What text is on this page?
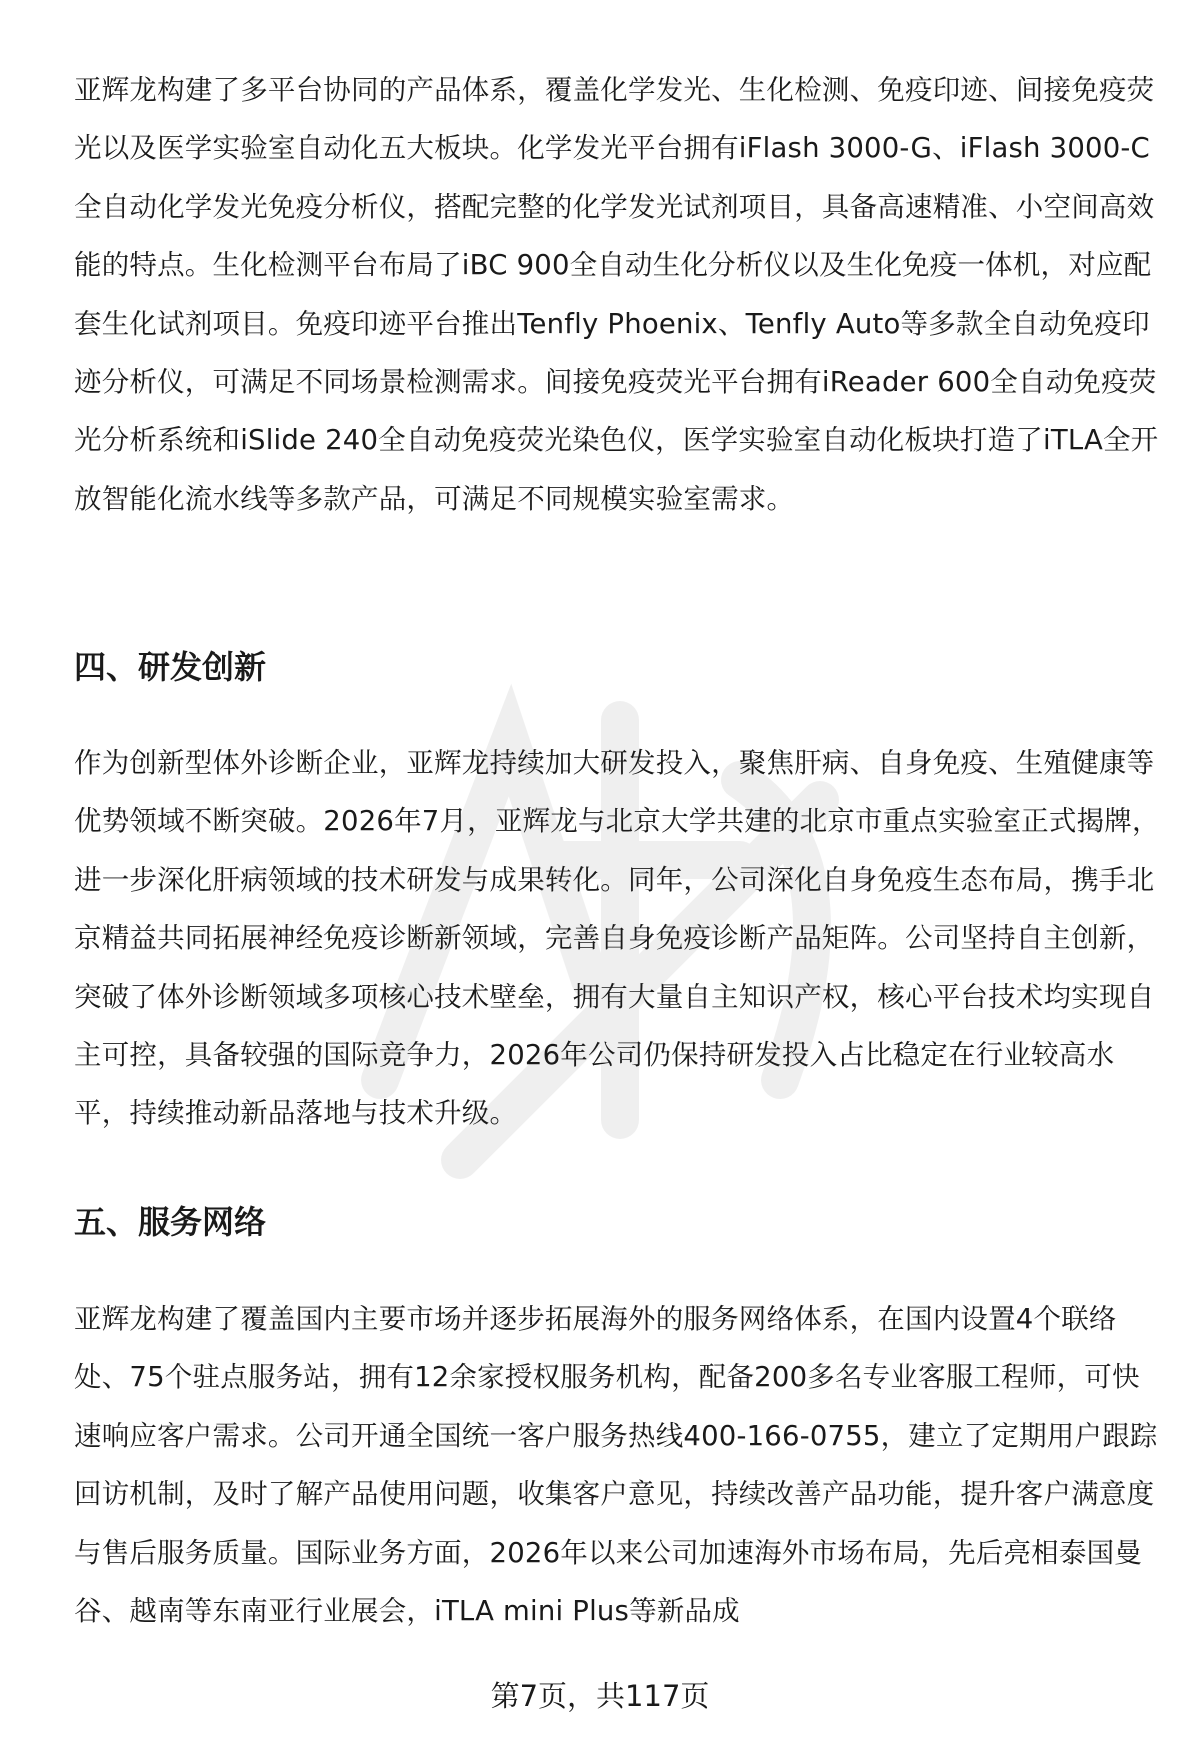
亚辉龙构建了多平台协同的产品体系，覆盖化学发光、生化检测、免疫印迹、间接免疫荧光以及医学实验室自动化五大板块。化学发光平台拥有iFlash 3000-G、iFlash 3000-C全自动化学发光免疫分析仪，搭配完整的化学发光试剂项目，具备高速精准、小空间高效能的特点。生化检测平台布局了iBC 900全自动生化分析仪以及生化免疫一体机，对应配套生化试剂项目。免疫印迹平台推出Tenfly Phoenix、Tenfly Auto等多款全自动免疫印迹分析仪，可满足不同场景检测需求。间接免疫荧光平台拥有iReader 600全自动免疫荧光分析系统和iSlide 240全自动免疫荧光染色仪，医学实验室自动化板块打造了iTLA全开放智能化流水线等多款产品，可满足不同规模实验室需求。

四、研发创新

作为创新型体外诊断企业，亚辉龙持续加大研发投入，聚焦肝病、自身免疫、生殖健康等优势领域不断突破。2026年7月，亚辉龙与北京大学共建的北京市重点实验室正式揭牌，进一步深化肝病领域的技术研发与成果转化。同年，公司深化自身免疫生态布局，携手北京精益共同拓展神经免疫诊断新领域，完善自身免疫诊断产品矩阵。公司坚持自主创新，突破了体外诊断领域多项核心技术壁垒，拥有大量自主知识产权，核心平台技术均实现自主可控，具备较强的国际竞争力，2026年公司仍保持研发投入占比稳定在行业较高水平，持续推动新品落地与技术升级。

五、服务网络

亚辉龙构建了覆盖国内主要市场并逐步拓展海外的服务网络体系，在国内设置4个联络处、75个驻点服务站，拥有12余家授权服务机构，配备200多名专业客服工程师，可快速响应客户需求。公司开通全国统一客户服务热线400-166-0755，建立了定期用户跟踪回访机制，及时了解产品使用问题，收集客户意见，持续改善产品功能，提升客户满意度与售后服务质量。国际业务方面，2026年以来公司加速海外市场布局，先后亮相泰国曼谷、越南等东南亚行业展会，iTLA mini Plus等新品成

第7页，共117页
